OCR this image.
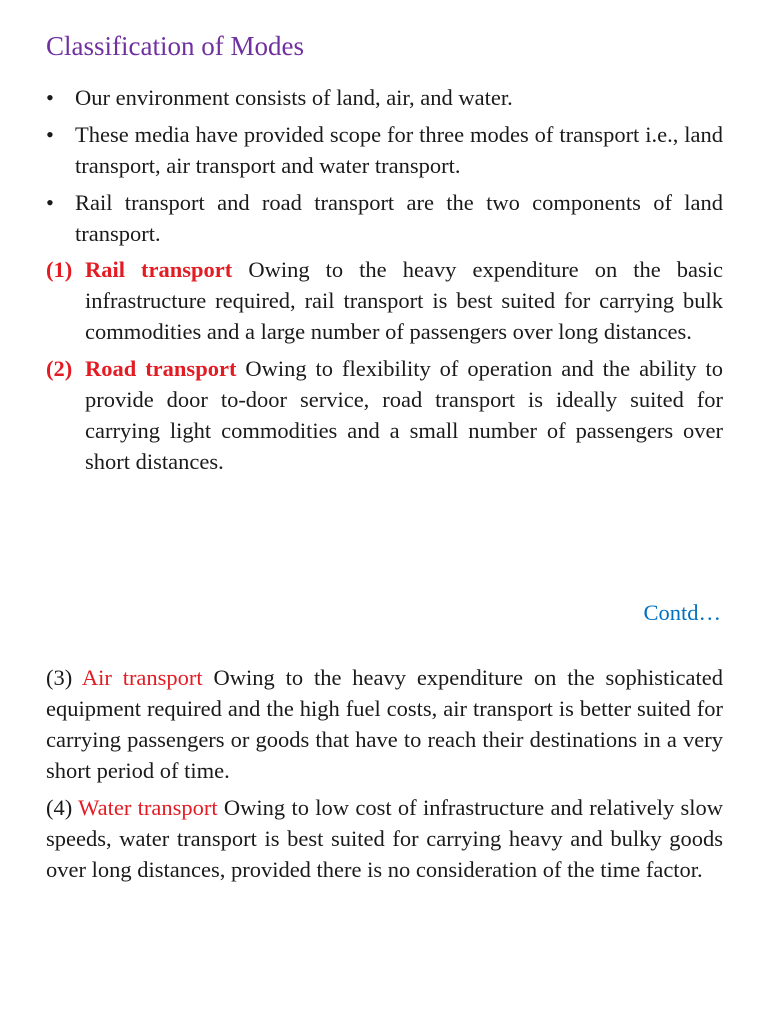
Classification of Modes
• Our environment consists of land, air, and water.
• These media have provided scope for three modes of transport i.e., land transport, air transport and water transport.
• Rail transport and road transport are the two components of land transport.
(1) Rail transport Owing to the heavy expenditure on the basic infrastructure required, rail transport is best suited for carrying bulk commodities and a large number of passengers over long distances.
(2) Road transport Owing to flexibility of operation and the ability to provide door to-door service, road transport is ideally suited for carrying light commodities and a small number of passengers over short distances.
Contd…
(3) Air transport Owing to the heavy expenditure on the sophisticated equipment required and the high fuel costs, air transport is better suited for carrying passengers or goods that have to reach their destinations in a very short period of time.
(4) Water transport Owing to low cost of infrastructure and relatively slow speeds, water transport is best suited for carrying heavy and bulky goods over long distances, provided there is no consideration of the time factor.
